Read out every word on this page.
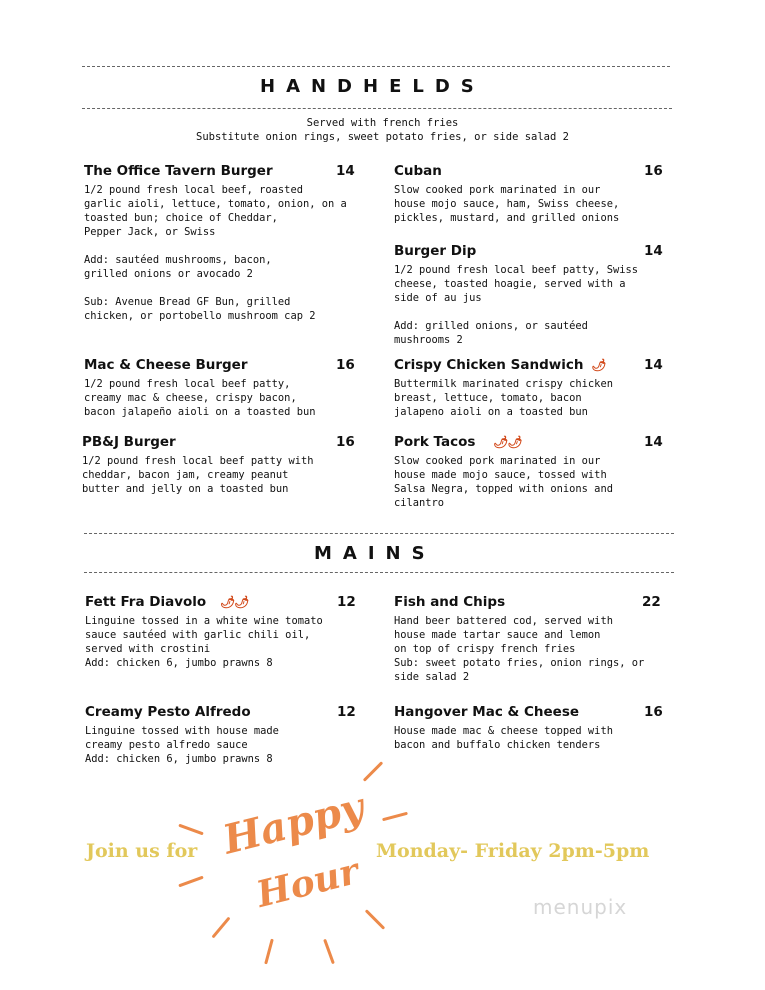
HANDHELDS
Served with french fries
Substitute onion rings, sweet potato fries, or side salad 2
The Office Tavern Burger	14
1/2 pound fresh local beef, roasted
garlic aioli, lettuce, tomato, onion, on a
toasted bun; choice of Cheddar,
Pepper Jack, or Swiss

Add: sautéed mushrooms, bacon,
grilled onions or avocado 2

Sub: Avenue Bread GF Bun, grilled
chicken, or portobello mushroom cap 2
Cuban	16
Slow cooked pork marinated in our
house mojo sauce, ham, Swiss cheese,
pickles, mustard, and grilled onions
Burger Dip	14
1/2 pound fresh local beef patty, Swiss
cheese, toasted hoagie, served with a
side of au jus

Add: grilled onions, or sautéed
mushrooms 2
Mac & Cheese Burger	16
1/2 pound fresh local beef patty,
creamy mac & cheese, crispy bacon,
bacon jalapeño aioli on a toasted bun
Crispy Chicken Sandwich 🌶	14
Buttermilk marinated crispy chicken
breast, lettuce, tomato, bacon
jalapeno aioli on a toasted bun
PB&J Burger	16
1/2 pound fresh local beef patty with
cheddar, bacon jam, creamy peanut
butter and jelly on a toasted bun
Pork Tacos 🌶🌶	14
Slow cooked pork marinated in our
house made mojo sauce, tossed with
Salsa Negra, topped with onions and
cilantro
MAINS
Fett Fra Diavolo 🌶🌶	12
Linguine tossed in a white wine tomato
sauce sautéed with garlic chili oil,
served with crostini
Add: chicken 6, jumbo prawns 8
Fish and Chips	22
Hand beer battered cod, served with
house made tartar sauce and lemon
on top of crispy french fries
Sub: sweet potato fries, onion rings, or
side salad 2
Creamy Pesto Alfredo	12
Linguine tossed with house made
creamy pesto alfredo sauce
Add: chicken 6, jumbo prawns 8
Hangover Mac & Cheese	16
House made mac & cheese topped with
bacon and buffalo chicken tenders
Join us for Happy
Hour Monday- Friday 2pm-5pm
menupix
